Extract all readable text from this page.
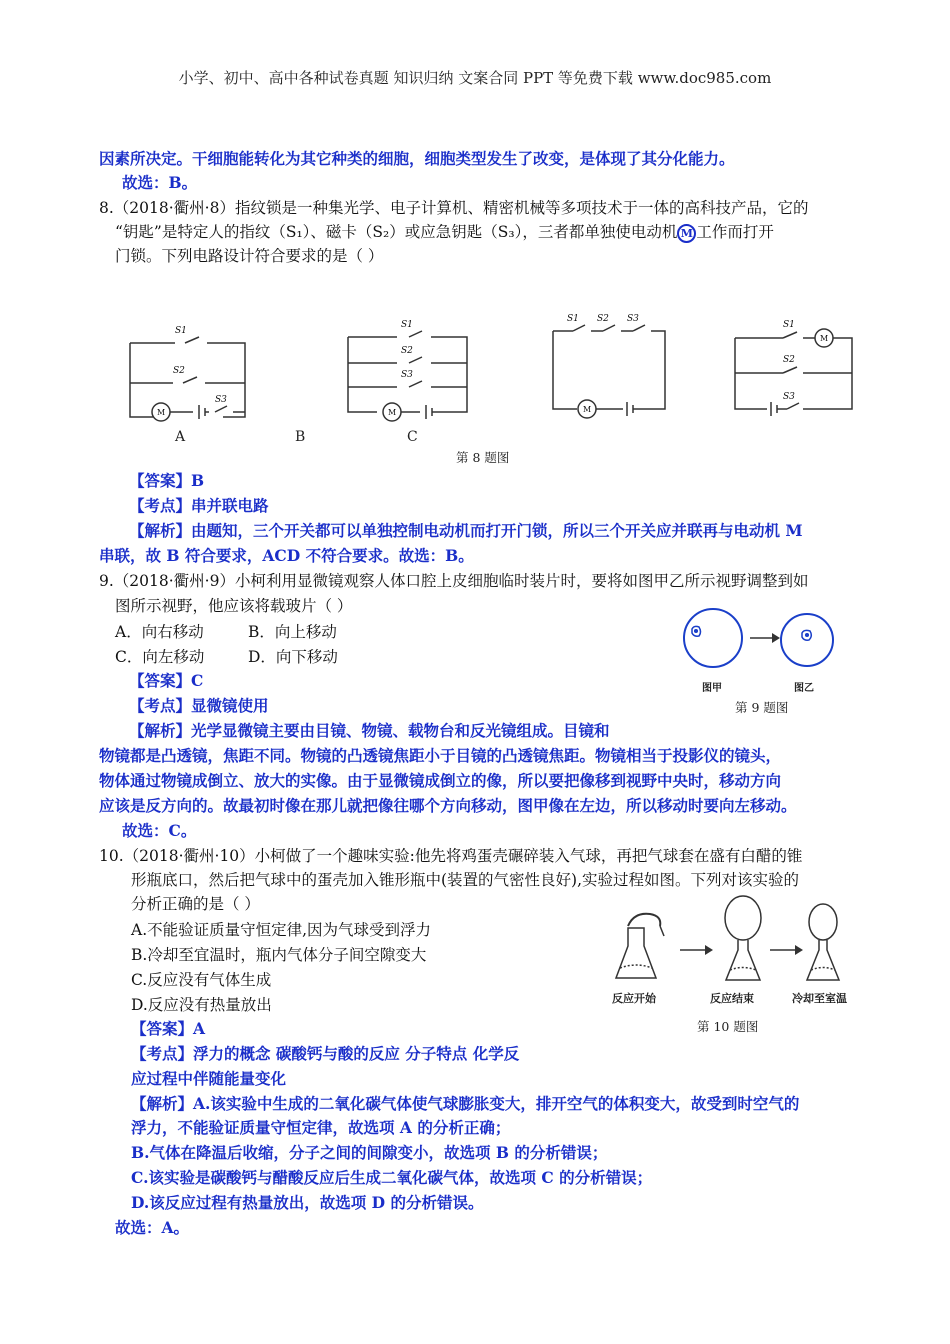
小学、初中、高中各种试卷真题 知识归纳 文案合同 PPT 等免费下载 www.doc985.com
因素所决定。干细胞能转化为其它种类的细胞，细胞类型发生了改变，是体现了其分化能力。
故选：B。
8.（2018·衢州·8）指纹锁是一种集光学、电子计算机、精密机械等多项技术于一体的高科技产品，它的
“钥匙”是特定人的指纹（S₁）、磁卡（S₂）或应急钥匙（S₃），三者都单独使电动机 M 工作而打开
门锁。下列电路设计符合要求的是（ ）
S1
S2
S3
S1
S2
S3
S1 S2 S3
S1
S2
S3
M	M	M
M
A	B	C
第 8 题图
【答案】B
【考点】串并联电路
【解析】由题知，三个开关都可以单独控制电动机而打开门锁，所以三个开关应并联再与电动机 M
串联，故 B 符合要求，ACD 不符合要求。故选：B。
9.（2018·衢州·9）小柯利用显微镜观察人体口腔上皮细胞临时装片时，要将如图甲乙所示视野调整到如
图所示视野，他应该将载玻片（ ）
A．向右移动	B．向上移动
C．向左移动	D．向下移动
图甲	图乙
第 9 题图
【答案】C
【考点】显微镜使用
【解析】光学显微镜主要由目镜、物镜、载物台和反光镜组成。目镜和
物镜都是凸透镜，焦距不同。物镜的凸透镜焦距小于目镜的凸透镜焦距。物镜相当于投影仪的镜头，
物体通过物镜成倒立、放大的实像。由于显微镜成倒立的像，所以要把像移到视野中央时，移动方向
应该是反方向的。故最初时像在那儿就把像往哪个方向移动，图甲像在左边，所以移动时要向左移动。
故选：C。
10.（2018·衢州·10）小柯做了一个趣味实验:他先将鸡蛋壳碾碎装入气球，再把气球套在盛有白醋的锥
形瓶底口，然后把气球中的蛋壳加入锥形瓶中(装置的气密性良好),实验过程如图。下列对该实验的
分析正确的是（ ）
A.不能验证质量守恒定律,因为气球受到浮力
B.冷却至宜温时，瓶内气体分子间空隙变大
C.反应没有气体生成
D.反应没有热量放出	反应开始	反应结束	冷却至室温
第 10 题图
【答案】A
【考点】浮力的概念 碳酸钙与酸的反应 分子特点 化学反
应过程中伴随能量变化
【解析】A.该实验中生成的二氧化碳气体使气球膨胀变大，排开空气的体积变大，故受到时空气的
浮力，不能验证质量守恒定律，故选项 A 的分析正确；
B.气体在降温后收缩，分子之间的间隙变小，故选项 B 的分析错误；
C.该实验是碳酸钙与醋酸反应后生成二氧化碳气体，故选项 C 的分析错误；
D.该反应过程有热量放出，故选项 D 的分析错误。
故选：A。
